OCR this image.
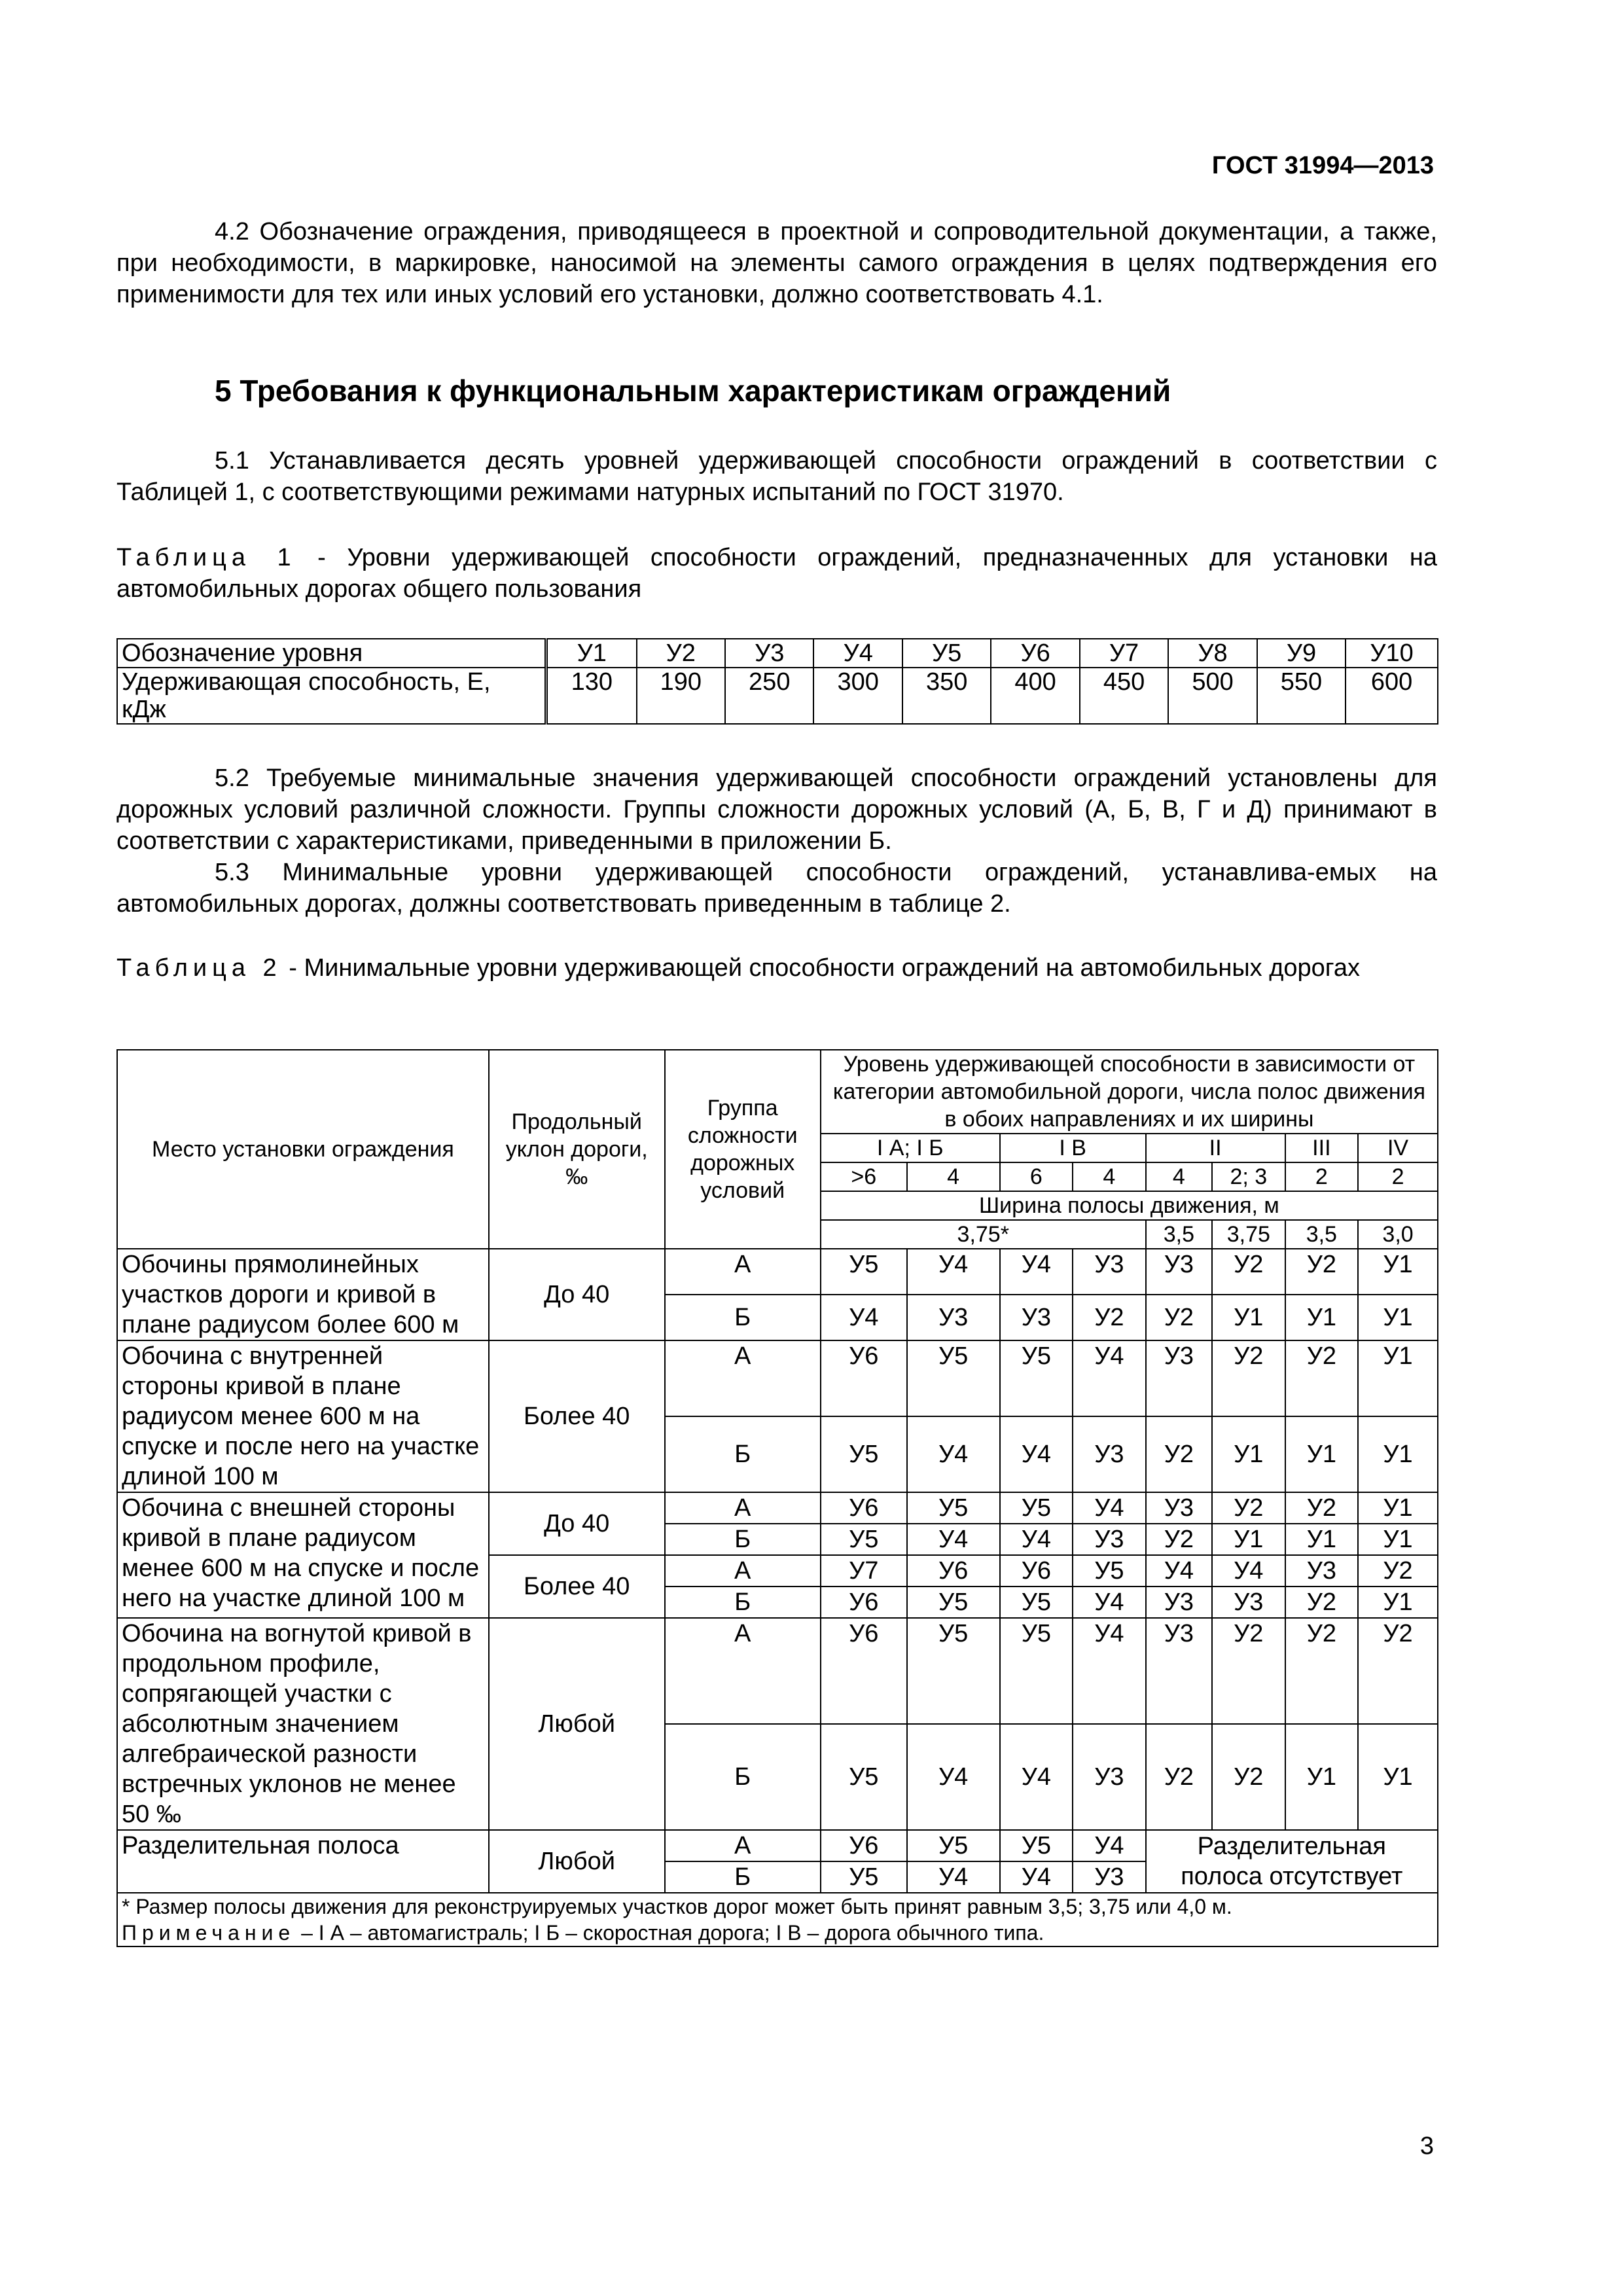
ГОСТ 31994—2013
4.2 Обозначение ограждения, приводящееся в проектной и сопроводительной документации, а также, при необходимости, в маркировке, наносимой на элементы самого ограждения в целях подтверждения его применимости для тех или иных условий его установки, должно соответствовать 4.1.
5 Требования к функциональным характеристикам ограждений
5.1 Устанавливается десять уровней удерживающей способности ограждений в соответствии с Таблицей 1, с соответствующими режимами натурных испытаний по ГОСТ 31970.
Таблица 1 - Уровни удерживающей способности ограждений, предназначенных для установки на автомобильных дорогах общего пользования
Обозначение уровня	У1	У2	У3	У4	У5	У6	У7	У8	У9	У10
Удерживающая способность, Е, кДж	130	190	250	300	350	400	450	500	550	600
5.2 Требуемые минимальные значения удерживающей способности ограждений установлены для дорожных условий различной сложности. Группы сложности дорожных условий (А, Б, В, Г и Д) принимают в соответствии с характеристиками, приведенными в приложении Б.
5.3 Минимальные уровни удерживающей способности ограждений, устанавлива-емых на автомобильных дорогах, должны соответствовать приведенным в таблице 2.
Таблица 2 - Минимальные уровни удерживающей способности ограждений на автомобильных дорогах
Место установки ограждения	Продольный уклон дороги, ‰	Группа сложности дорожных условий	Уровень удерживающей способности в зависимости от категории автомобильной дороги, числа полос движения в обоих направлениях и их ширины							
			I А; I Б		I В		II		III	IV
			>6	4	6	4	4	2; 3	2	2
			Ширина полосы движения, м							
			3,75*				3,5	3,75	3,5	3,0
Обочины прямолинейных участков дороги и кривой в плане радиусом более 600 м	До 40	А	У5	У4	У4	У3	У3	У2	У2	У1
		Б	У4	У3	У3	У2	У2	У1	У1	У1
Обочина с внутренней стороны кривой в плане радиусом менее 600 м на спуске и после него на участке длиной 100 м	Более 40	А	У6	У5	У5	У4	У3	У2	У2	У1
		Б	У5	У4	У4	У3	У2	У1	У1	У1
Обочина с внешней стороны кривой в плане радиусом менее 600 м на спуске и после него на участке длиной 100 м	До 40	А	У6	У5	У5	У4	У3	У2	У2	У1
		Б	У5	У4	У4	У3	У2	У1	У1	У1
	Более 40	А	У7	У6	У6	У5	У4	У4	У3	У2
		Б	У6	У5	У5	У4	У3	У3	У2	У1
Обочина на вогнутой кривой в продольном профиле, сопрягающей участки с абсолютным значением алгебраической разности встречных уклонов не менее 50 ‰	Любой	А	У6	У5	У5	У4	У3	У2	У2	У2
		Б	У5	У4	У4	У3	У2	У2	У1	У1
Разделительная полоса	Любой	А	У6	У5	У5	У4	Разделительная
полоса отсутствует			

		Б	У5	У4	У4	У3				

* Размер полосы движения для реконструируемых участков дорог может быть принят равным 3,5; 3,75 или 4,0 м.
Примечание – I А – автомагистраль; I Б – скоростная дорога; I В – дорога обычного типа.										
3
